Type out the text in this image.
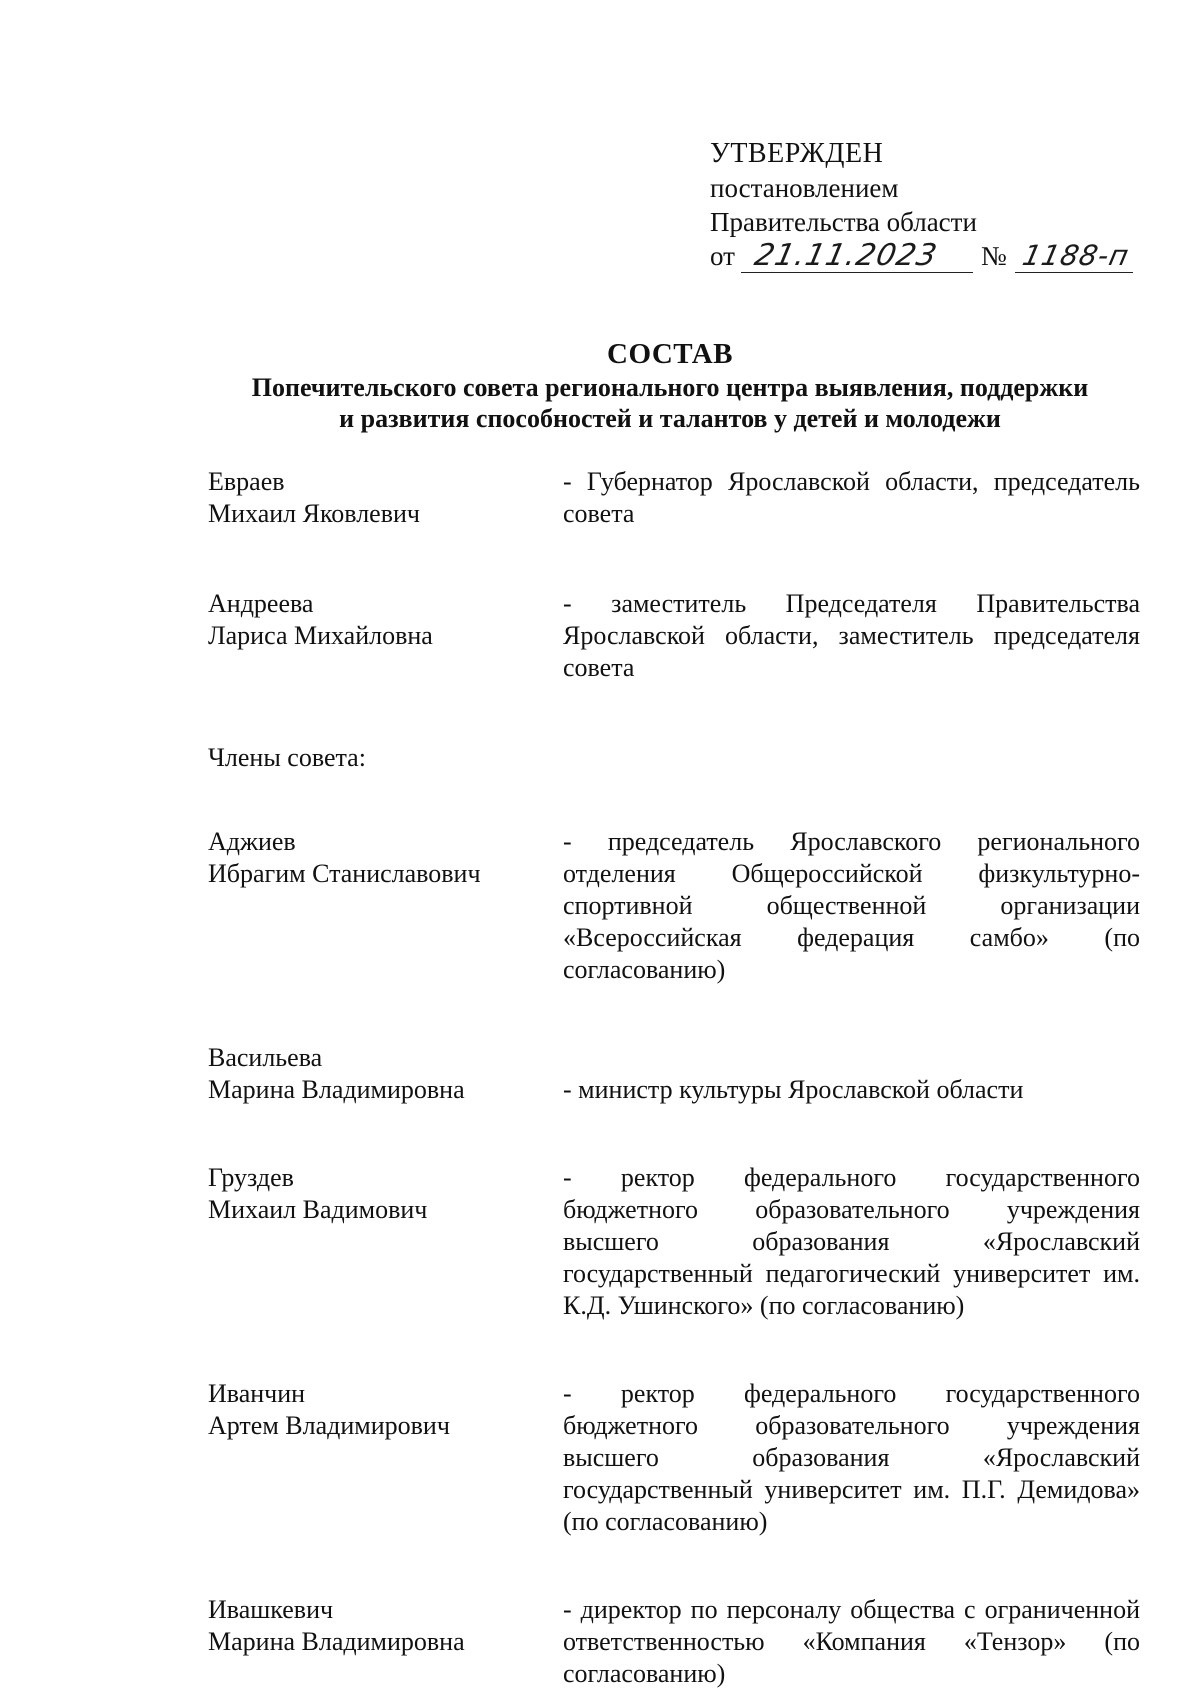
УТВЕРЖДЕН
постановлением
Правительства области
от 21.11.2023 № 1188-п
СОСТАВ
Попечительского совета регионального центра выявления, поддержки
и развития способностей и талантов у детей и молодежи
Евраев
Михаил Яковлевич
- Губернатор Ярославской области, председатель совета
Андреева
Лариса Михайловна
- заместитель Председателя Правительства Ярославской области, заместитель председателя совета
Члены совета:
Аджиев
Ибрагим Станиславович
- председатель Ярославского регионального отделения Общероссийской физкультурно-спортивной общественной организации «Всероссийская федерация самбо» (по согласованию)
Васильева
Марина Владимировна	- министр культуры Ярославской области
Груздев
Михаил Вадимович
- ректор федерального государственного бюджетного образовательного учреждения высшего образования «Ярославский государственный педагогический университет им. К.Д. Ушинского» (по согласованию)
Иванчин
Артем Владимирович
- ректор федерального государственного бюджетного образовательного учреждения высшего образования «Ярославский государственный университет им. П.Г. Демидова» (по согласованию)
Ивашкевич
Марина Владимировна
- директор по персоналу общества с ограниченной ответственностью «Компания «Тензор» (по согласованию)
